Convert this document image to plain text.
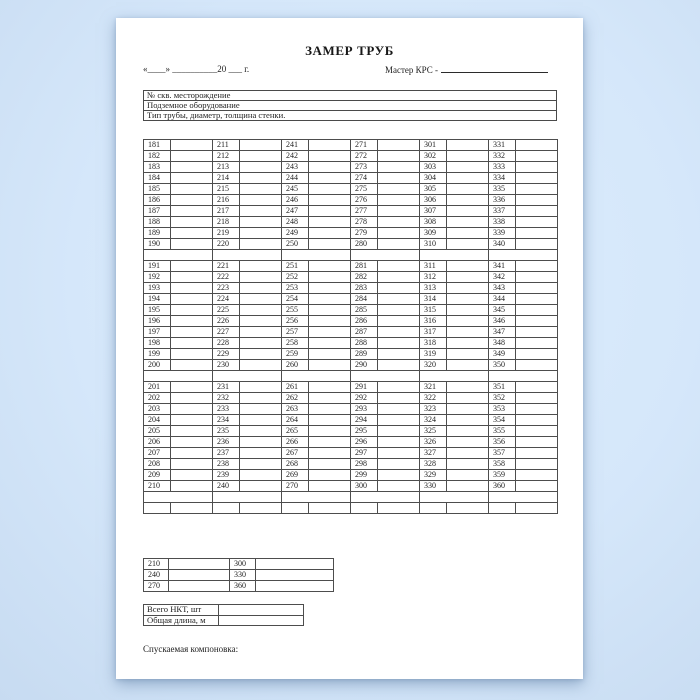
ЗАМЕР ТРУБ
«____» __________20 ___ г.	Мастер КРС -
№ скв. месторождение
Подземное оборудование
Тип трубы, диаметр, толщина стенки.
181		211		241		271		301		331	
182		212		242		272		302		332	
183		213		243		273		303		333	
184		214		244		274		304		334	
185		215		245		275		305		335	
186		216		246		276		306		336	
187		217		247		277		307		337	
188		218		248		278		308		338	
189		219		249		279		309		339	
190		220		250		280		310		340	

191		221		251		281		311		341	
192		222		252		282		312		342	
193		223		253		283		313		343	
194		224		254		284		314		344	
195		225		255		285		315		345	
196		226		256		286		316		346	
197		227		257		287		317		347	
198		228		258		288		318		348	
199		229		259		289		319		349	
200		230		260		290		320		350	

201		231		261		291		321		351	
202		232		262		292		322		352	
203		233		263		293		323		353	
204		234		264		294		324		354	
205		235		265		295		325		355	
206		236		266		296		326		356	
207		237		267		297		327		357	
208		238		268		298		328		358	
209		239		269		299		329		359	
210		240		270		300		330		360	

210		300	
240		330	
270		360	
Всего НКТ, шт	
Общая длина, м	
Спускаемая компоновка:
